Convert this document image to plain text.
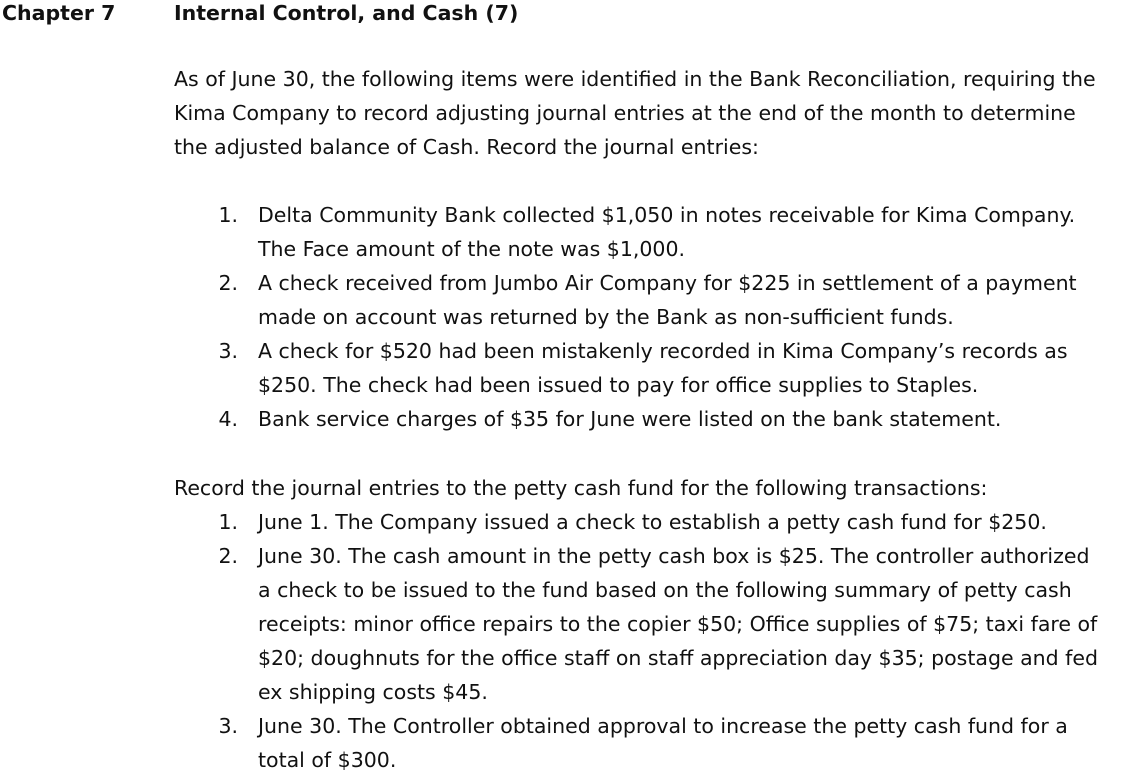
Chapter 7	Internal Control, and Cash (7)

As of June 30, the following items were identified in the Bank Reconciliation, requiring the Kima Company to record adjusting journal entries at the end of the month to determine the adjusted balance of Cash. Record the journal entries:

1. Delta Community Bank collected $1,050 in notes receivable for Kima Company. The Face amount of the note was $1,000.
2. A check received from Jumbo Air Company for $225 in settlement of a payment made on account was returned by the Bank as non-sufficient funds.
3. A check for $520 had been mistakenly recorded in Kima Company’s records as $250. The check had been issued to pay for office supplies to Staples.
4. Bank service charges of $35 for June were listed on the bank statement.

Record the journal entries to the petty cash fund for the following transactions:

1. June 1. The Company issued a check to establish a petty cash fund for $250.
2. June 30. The cash amount in the petty cash box is $25. The controller authorized a check to be issued to the fund based on the following summary of petty cash receipts: minor office repairs to the copier $50; Office supplies of $75; taxi fare of $20; doughnuts for the office staff on staff appreciation day $35; postage and fed ex shipping costs $45.
3. June 30. The Controller obtained approval to increase the petty cash fund for a total of $300.
